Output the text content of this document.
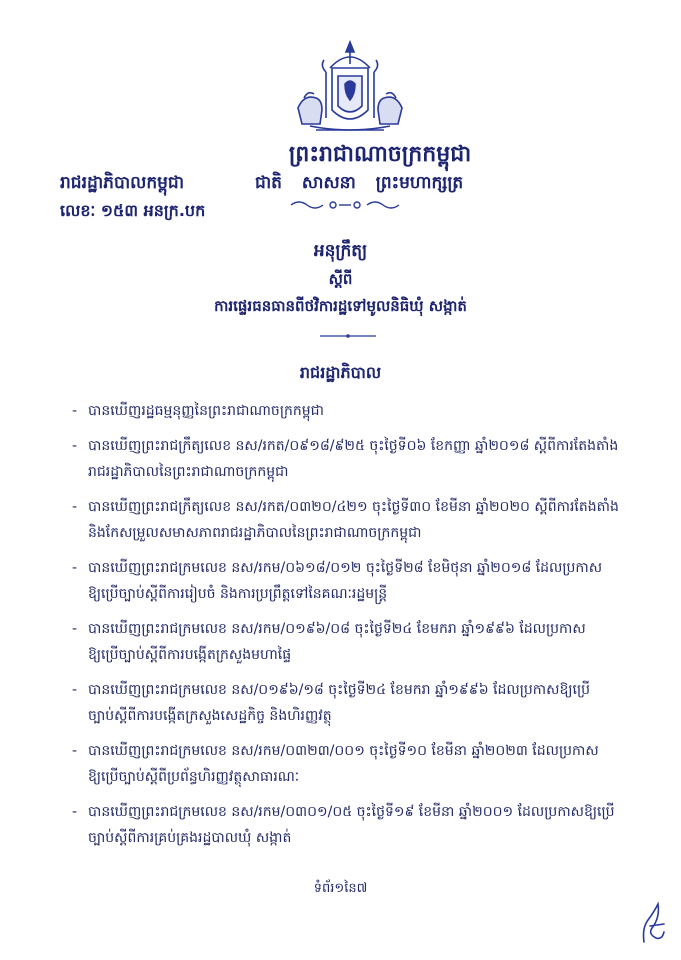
ព្រះរាជាណាចក្រកម្ពុជា
រាជរដ្ឋាភិបាលកម្ពុជា	ជាតិ សាសនា ព្រះមហាក្សត្រ
លេខៈ ១៥៣ អនក្រ.បក
អនុក្រឹត្យ
ស្តីពី
ការផ្ទេរធនធានពីថវិការដ្ឋទៅមូលនិធិឃុំ សង្កាត់
រាជរដ្ឋាភិបាល
- បានឃើញរដ្ឋធម្មនុញ្ញនៃព្រះរាជាណាចក្រកម្ពុជា
- បានឃើញព្រះរាជក្រឹត្យលេខ នស/រកត/០៩១៨/៩២៥ ចុះថ្ងៃទី០៦ ខែកញ្ញា ឆ្នាំ២០១៨ ស្តីពីការតែងតាំង
រាជរដ្ឋាភិបាលនៃព្រះរាជាណាចក្រកម្ពុជា
- បានឃើញព្រះរាជក្រឹត្យលេខ នស/រកត/០៣២០/៤២១ ចុះថ្ងៃទី៣០ ខែមីនា ឆ្នាំ២០២០ ស្តីពីការតែងតាំង
និងកែសម្រួលសមាសភាពរាជរដ្ឋាភិបាលនៃព្រះរាជាណាចក្រកម្ពុជា
- បានឃើញព្រះរាជក្រមលេខ នស/រកម/០៦១៨/០១២ ចុះថ្ងៃទី២៨ ខែមិថុនា ឆ្នាំ២០១៨ ដែលប្រកាស
ឱ្យប្រើច្បាប់ស្តីពីការរៀបចំ និងការប្រព្រឹត្តទៅនៃគណៈរដ្ឋមន្ត្រី
- បានឃើញព្រះរាជក្រមលេខ នស/រកម/០១៩៦/០៨ ចុះថ្ងៃទី២៤ ខែមករា ឆ្នាំ១៩៩៦ ដែលប្រកាស
ឱ្យប្រើច្បាប់ស្តីពីការបង្កើតក្រសួងមហាផ្ទៃ
- បានឃើញព្រះរាជក្រមលេខ នស/០១៩៦/១៨ ចុះថ្ងៃទី២៤ ខែមករា ឆ្នាំ១៩៩៦ ដែលប្រកាសឱ្យប្រើ
ច្បាប់ស្តីពីការបង្កើតក្រសួងសេដ្ឋកិច្ច និងហិរញ្ញវត្ថុ
- បានឃើញព្រះរាជក្រមលេខ នស/រកម/០៣២៣/០០១ ចុះថ្ងៃទី១០ ខែមីនា ឆ្នាំ២០២៣ ដែលប្រកាស
ឱ្យប្រើច្បាប់ស្តីពីប្រព័ន្ធហិរញ្ញវត្ថុសាធារណៈ
- បានឃើញព្រះរាជក្រមលេខ នស/រកម/០៣០១/០៥ ចុះថ្ងៃទី១៩ ខែមីនា ឆ្នាំ២០០១ ដែលប្រកាសឱ្យប្រើ
ច្បាប់ស្តីពីការគ្រប់គ្រងរដ្ឋបាលឃុំ សង្កាត់
ទំព័រ១នៃ៧
